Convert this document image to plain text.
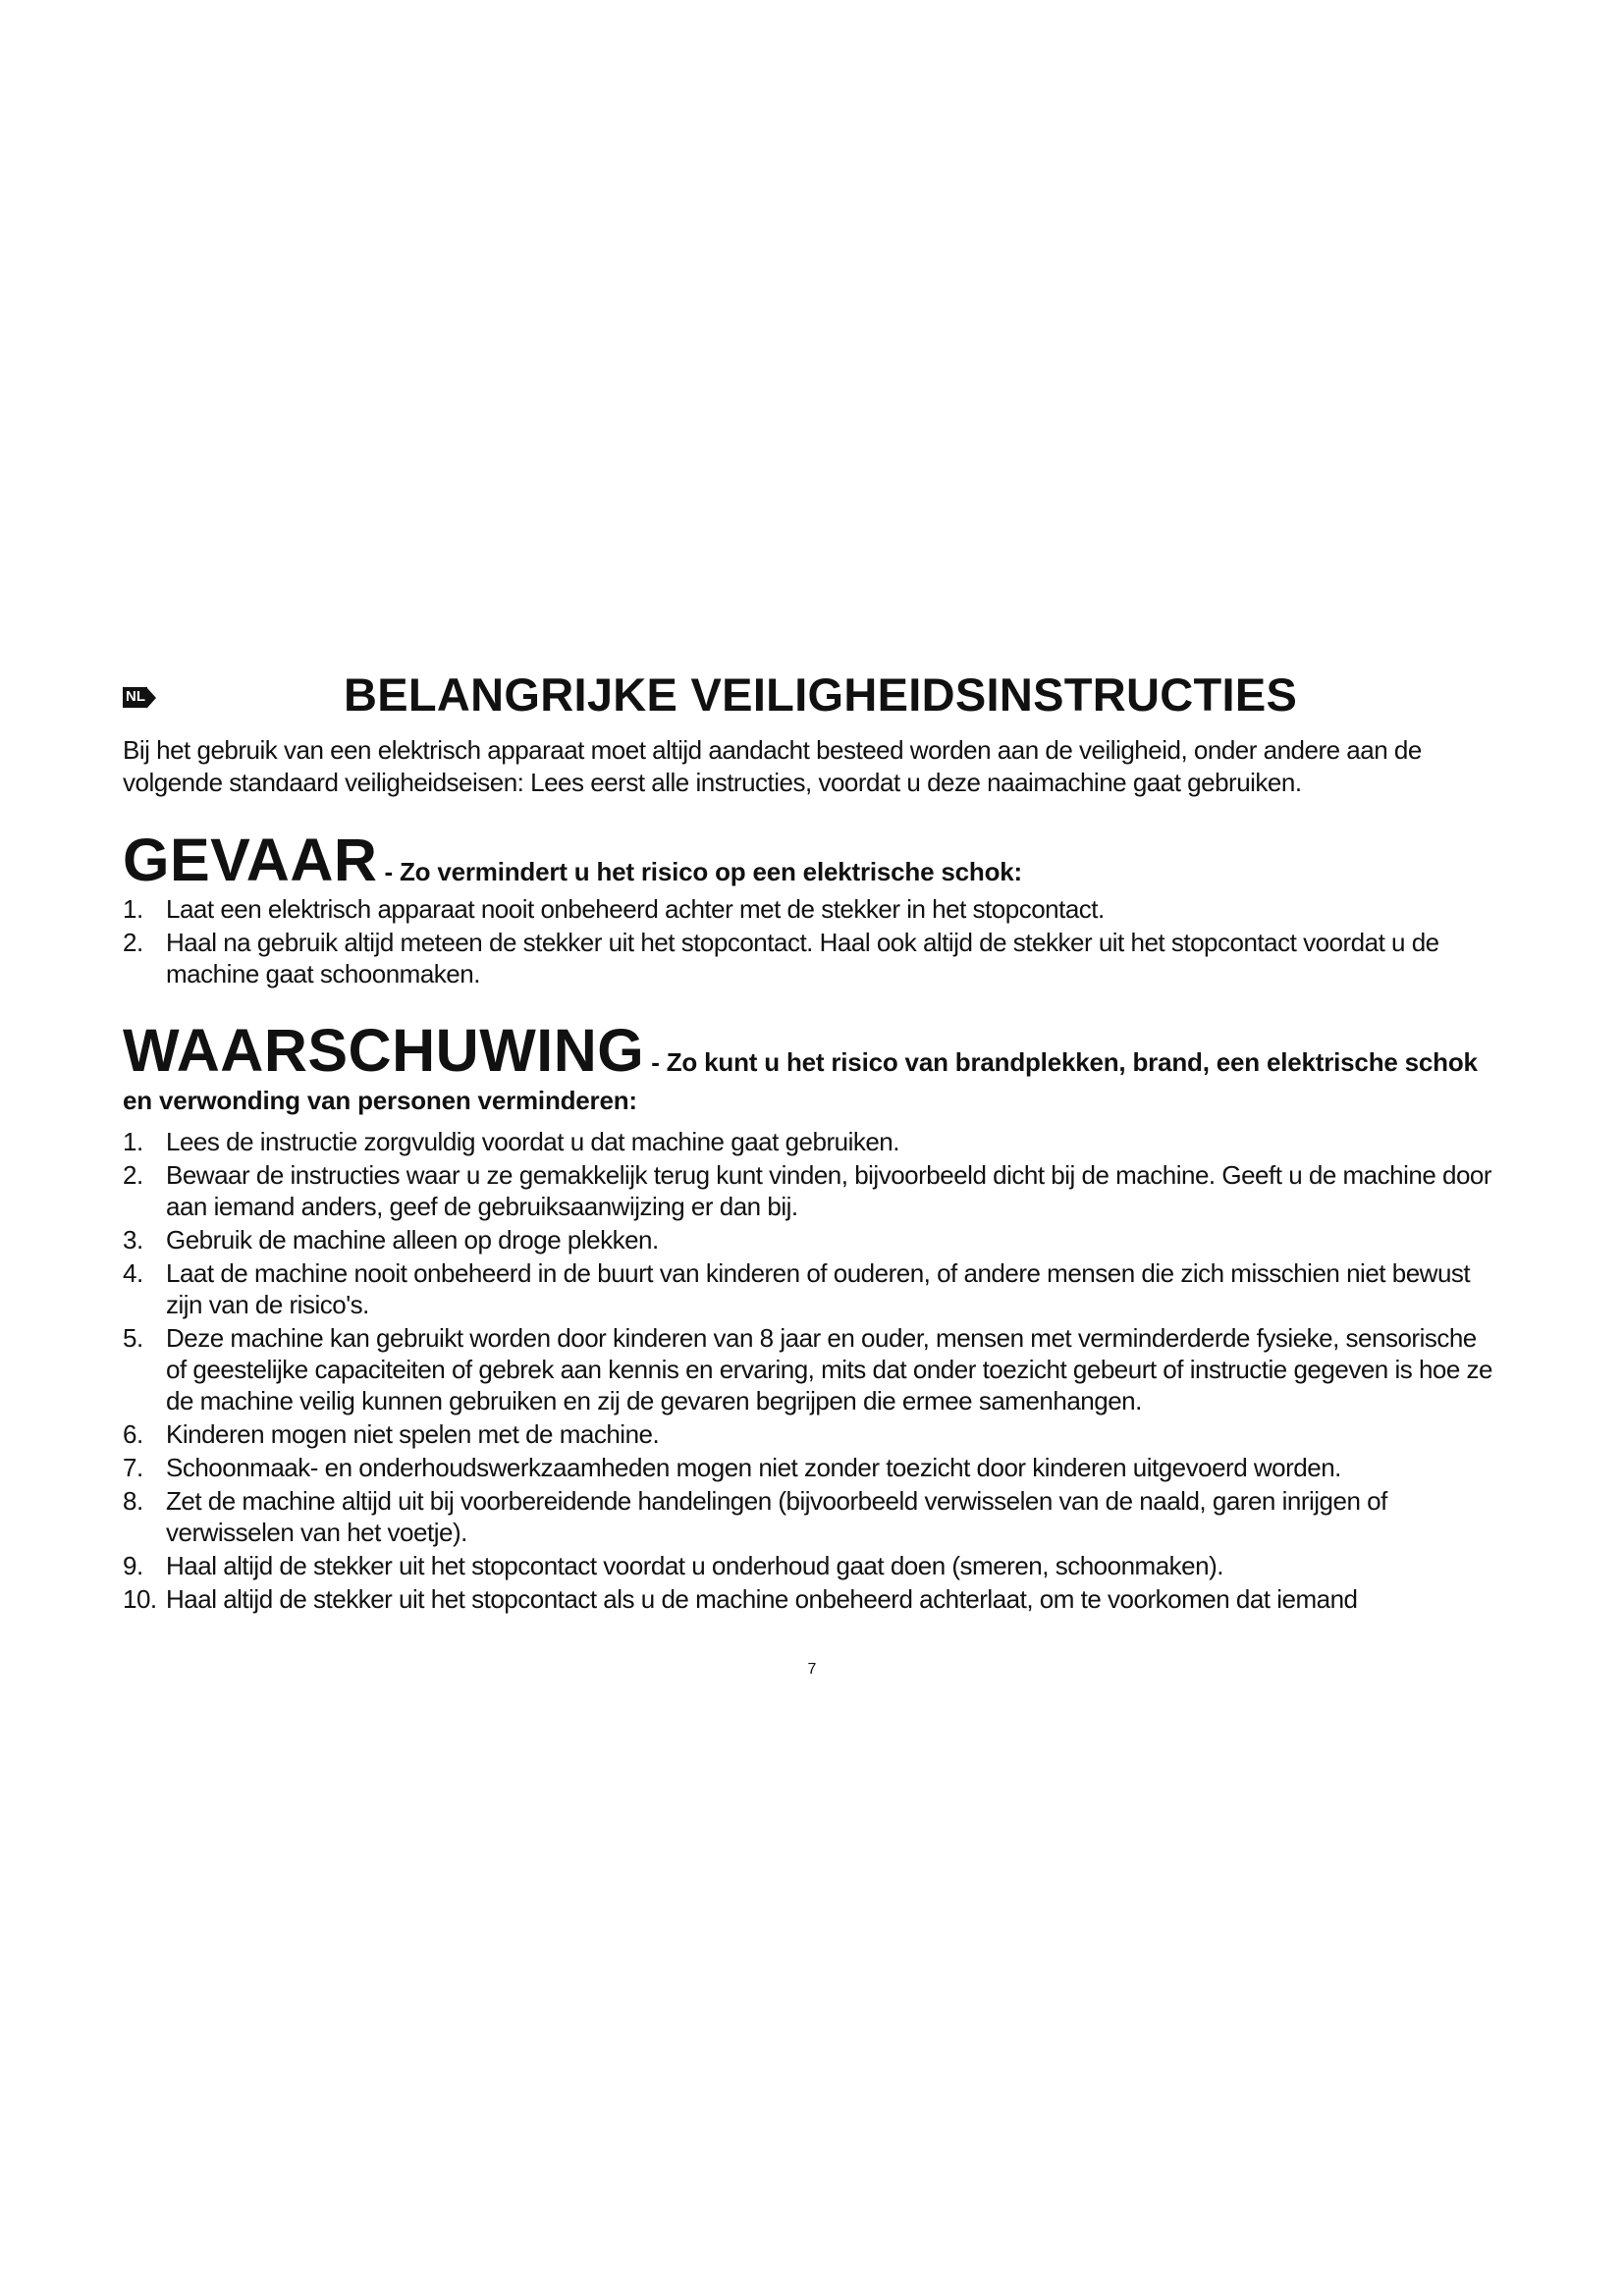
NL	BELANGRIJKE VEILIGHEIDSINSTRUCTIES

Bij het gebruik van een elektrisch apparaat moet altijd aandacht besteed worden aan de veiligheid, onder andere aan de volgende standaard veiligheidseisen: Lees eerst alle instructies, voordat u deze naaimachine gaat gebruiken.

GEVAAR - Zo vermindert u het risico op een elektrische schok:
1. Laat een elektrisch apparaat nooit onbeheerd achter met de stekker in het stopcontact.
2. Haal na gebruik altijd meteen de stekker uit het stopcontact. Haal ook altijd de stekker uit het stopcontact voordat u de machine gaat schoonmaken.
WAARSCHUWING - Zo kunt u het risico van brandplekken, brand, een elektrische schok en verwonding van personen verminderen:
1. Lees de instructie zorgvuldig voordat u dat machine gaat gebruiken.
2. Bewaar de instructies waar u ze gemakkelijk terug kunt vinden, bijvoorbeeld dicht bij de machine. Geeft u de machine door aan iemand anders, geef de gebruiksaanwijzing er dan bij.
3. Gebruik de machine alleen op droge plekken.
4. Laat de machine nooit onbeheerd in de buurt van kinderen of ouderen, of andere mensen die zich misschien niet bewust zijn van de risico's.
5. Deze machine kan gebruikt worden door kinderen van 8 jaar en ouder, mensen met verminderderde fysieke, sensorische of geestelijke capaciteiten of gebrek aan kennis en ervaring, mits dat onder toezicht gebeurt of instructie gegeven is hoe ze de machine veilig kunnen gebruiken en zij de gevaren begrijpen die ermee samenhangen.
6. Kinderen mogen niet spelen met de machine.
7. Schoonmaak- en onderhoudswerkzaamheden mogen niet zonder toezicht door kinderen uitgevoerd worden.
8. Zet de machine altijd uit bij voorbereidende handelingen (bijvoorbeeld verwisselen van de naald, garen inrijgen of verwisselen van het voetje).
9. Haal altijd de stekker uit het stopcontact voordat u onderhoud gaat doen (smeren, schoonmaken).
10. Haal altijd de stekker uit het stopcontact als u de machine onbeheerd achterlaat, om te voorkomen dat iemand
7
